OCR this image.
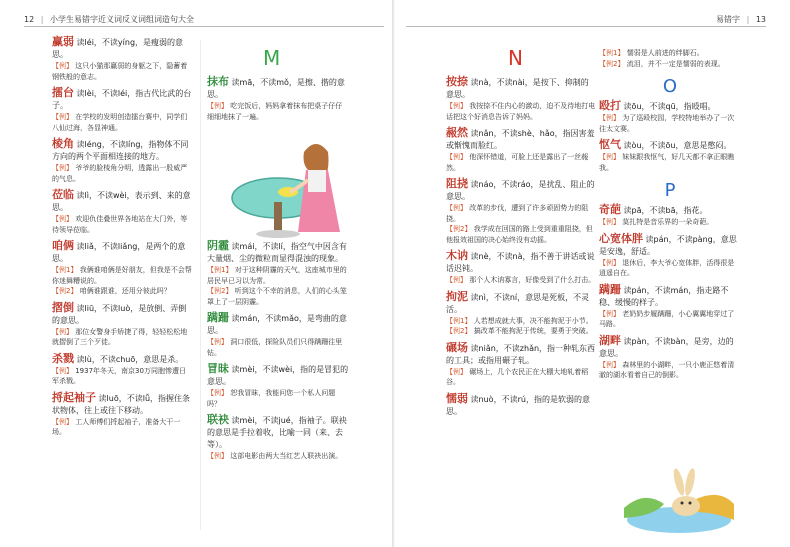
12 | 小学生易错字近义词反义词组词造句大全
赢弱 读léi，不读yíng，是瘦弱的意思。
【例】 这只小猫那赢弱的身躯之下，隐蓄着钢铁般的意志。
擂台 读lèi，不读léi，指古代比武的台子。
【例】 在学校的发明创造擂台赛中，同学们八仙过海，各显神通。
棱角 读léng，不读líng，指物体不同方向的两个平面相连接的地方。
【例】 爷爷的脸棱角分明，透露出一股威严的气息。
莅临 读lì，不读wèi，表示到、来的意思。
【例】 欢迎仇佳叠世界各地站在大门外，等待领导莅临。
咱俩 读liǎ，不读liǎng，是两个的意思。
【例1】 我俩谁咱俩是好朋友，但我是不会帮你迷舞糟说的。
【例2】 咱俩谁跟谁，还用分彼此吗？
摺倒 读liū，不读luò，是放倒、弄倒的意思。
【例】 那位女警身手矫捷了得，轻轻松松地就摺倒了三个歹徒。
杀戮 读lù，不读chuō，意思是杀。
【例】 1937年冬天，南京30万同胞惨遭日军杀戮。
捋起袖子 读luō，不读lǚ，指握住条状物体，往上或往下移动。
【例】 工人师傅们捋起袖子，准备大干一场。
M
抹布 读mā，不读mǒ，是擦、揩的意思。
【例】 吃完饭后，妈妈拿着抹布把桌子仔仔细细地抹了一遍。
阴霾 读mái，不读lí，指空气中因含有大量烟、尘的微粒而显得混浊的现象。
【例1】 对于这种阴霾的天气，这座城市里的居民早已习以为常。
【例2】 听到这个不幸的消息，人们的心头笼罩上了一层阴霾。
蹒跚 读mán，不读mǎo，是弯曲的意思。
【例】 洞口很低，探险队员们只得蹒跚往里钻。
冒昧 读mèi，不读wèi，指的是冒犯的意思。
【例】 恕我冒昧，我能问您一个私人问题吗？
联袂 读mèi，不读jué，指袖子。联袂的意思是手拉着收，比喻一同（来、去等）。
【例】 这部电影由两大当红艺人联袂出演。
易错字 | 13
N
按捺 读nà，不读nài，是按下、抑制的意思。
【例】 我按捺不住内心的激动，迫不及待地打电话把这个好消息告诉了妈妈。
赧然 读nǎn，不读shè、hǎo，指因害羞或惭愧而脸红。
【例】 他深怀错道，可脸上还是露出了一丝赧然。
阻挠 读náo，不读ráo，是扰乱、阻止的意思。
【例】 改革的步伐，遭到了许多顽固势力的阻挠。
【例2】 我学成在回国的路上受到重重阻挠，但他报效祖国的决心始终没有动摇。
木讷 读nè，不读nà，指不善于讲话或说话迟钝。
【例】 那个人木讷寡言，好像受到了什么打击。
拘泥 读nì，不读ní，意思是死板，不灵活。
【例1】 人若想成就大事，决不能拘泥于小节。
【例2】 搞改革不能拘泥于传统，要勇于突破。
碾场 读niǎn，不读zhǎn，指一种轧东西的工具；或指用碾子轧。
【例】 碾场上，几个农民正在大棚大地轧着稻谷。
懦弱 读nuò，不读rú，指的是软弱的意思。
【例1】 懦弱是人前进的绊脚石。
【例2】 流泪，并不一定是懦弱的表现。
O
殴打 读ōu，不读qū，指殴唱。
【例】 为了巡殴校园，学校特地举办了一次往太文赛。
怄气 读òu，不读ōu，意思是憋闷。
【例】 妹妹跟我怄气，好几天都不拿正眼瞧我。
P
奇葩 读pā，不读bā，指花。
【例】 莫扎特是音乐界的一朵奇葩。
心宽体胖 读pán，不读pàng，意思是安逸，舒适。
【例】 退休后，李大爷心宽体胖，活得很是逍遥自在。
蹒跚 读pán，不读mán，指走路不稳、缓慢的样子。
【例】 老奶奶步履蹒跚，小心翼翼地穿过了马路。
湖畔 读pàn，不读bàn，是旁，边的意思。
【例】 森林里的小湖畔，一只小鹿正悠着清澈的湖水看着自己的倒影。
